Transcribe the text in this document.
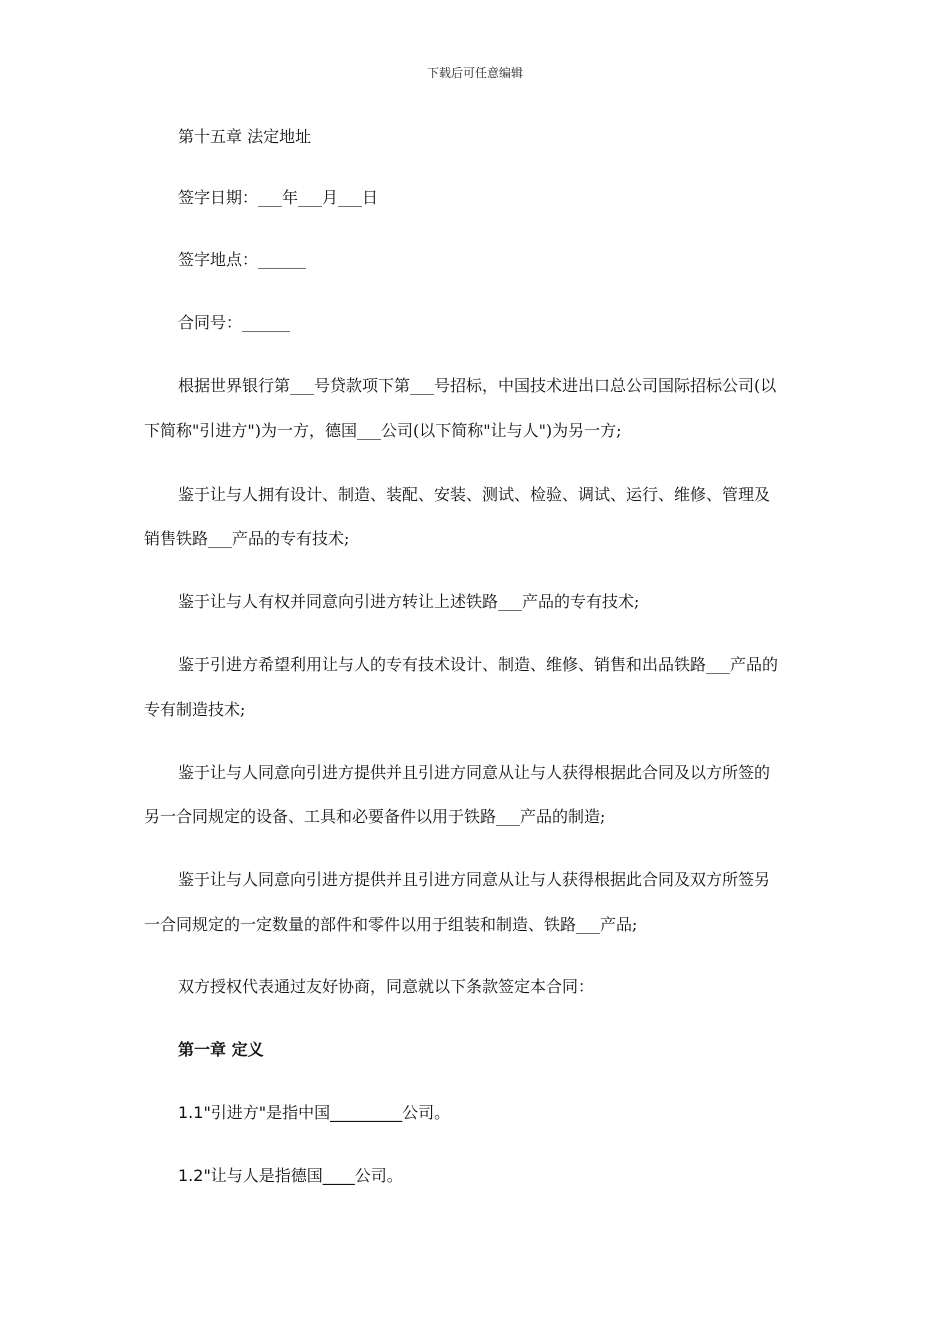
下载后可任意编辑
第十五章 法定地址
签字日期：___年___月___日
签字地点：______
合同号：______
根据世界银行第___号贷款项下第___号招标，中国技术进出口总公司国际招标公司(以
下简称"引进方")为一方，德国___公司(以下简称"让与人")为另一方;
鉴于让与人拥有设计、制造、装配、安装、测试、检验、调试、运行、维修、管理及
销售铁路___产品的专有技术;
鉴于让与人有权并同意向引进方转让上述铁路___产品的专有技术;
鉴于引进方希望利用让与人的专有技术设计、制造、维修、销售和出品铁路___产品的
专有制造技术;
鉴于让与人同意向引进方提供并且引进方同意从让与人获得根据此合同及以方所签的
另一合同规定的设备、工具和必要备件以用于铁路___产品的制造;
鉴于让与人同意向引进方提供并且引进方同意从让与人获得根据此合同及双方所签另
一合同规定的一定数量的部件和零件以用于组装和制造、铁路___产品;
双方授权代表通过友好协商，同意就以下条款签定本合同：
第一章 定义
1.1"引进方"是指中国_________公司。
1.2"让与人是指德国____公司。
